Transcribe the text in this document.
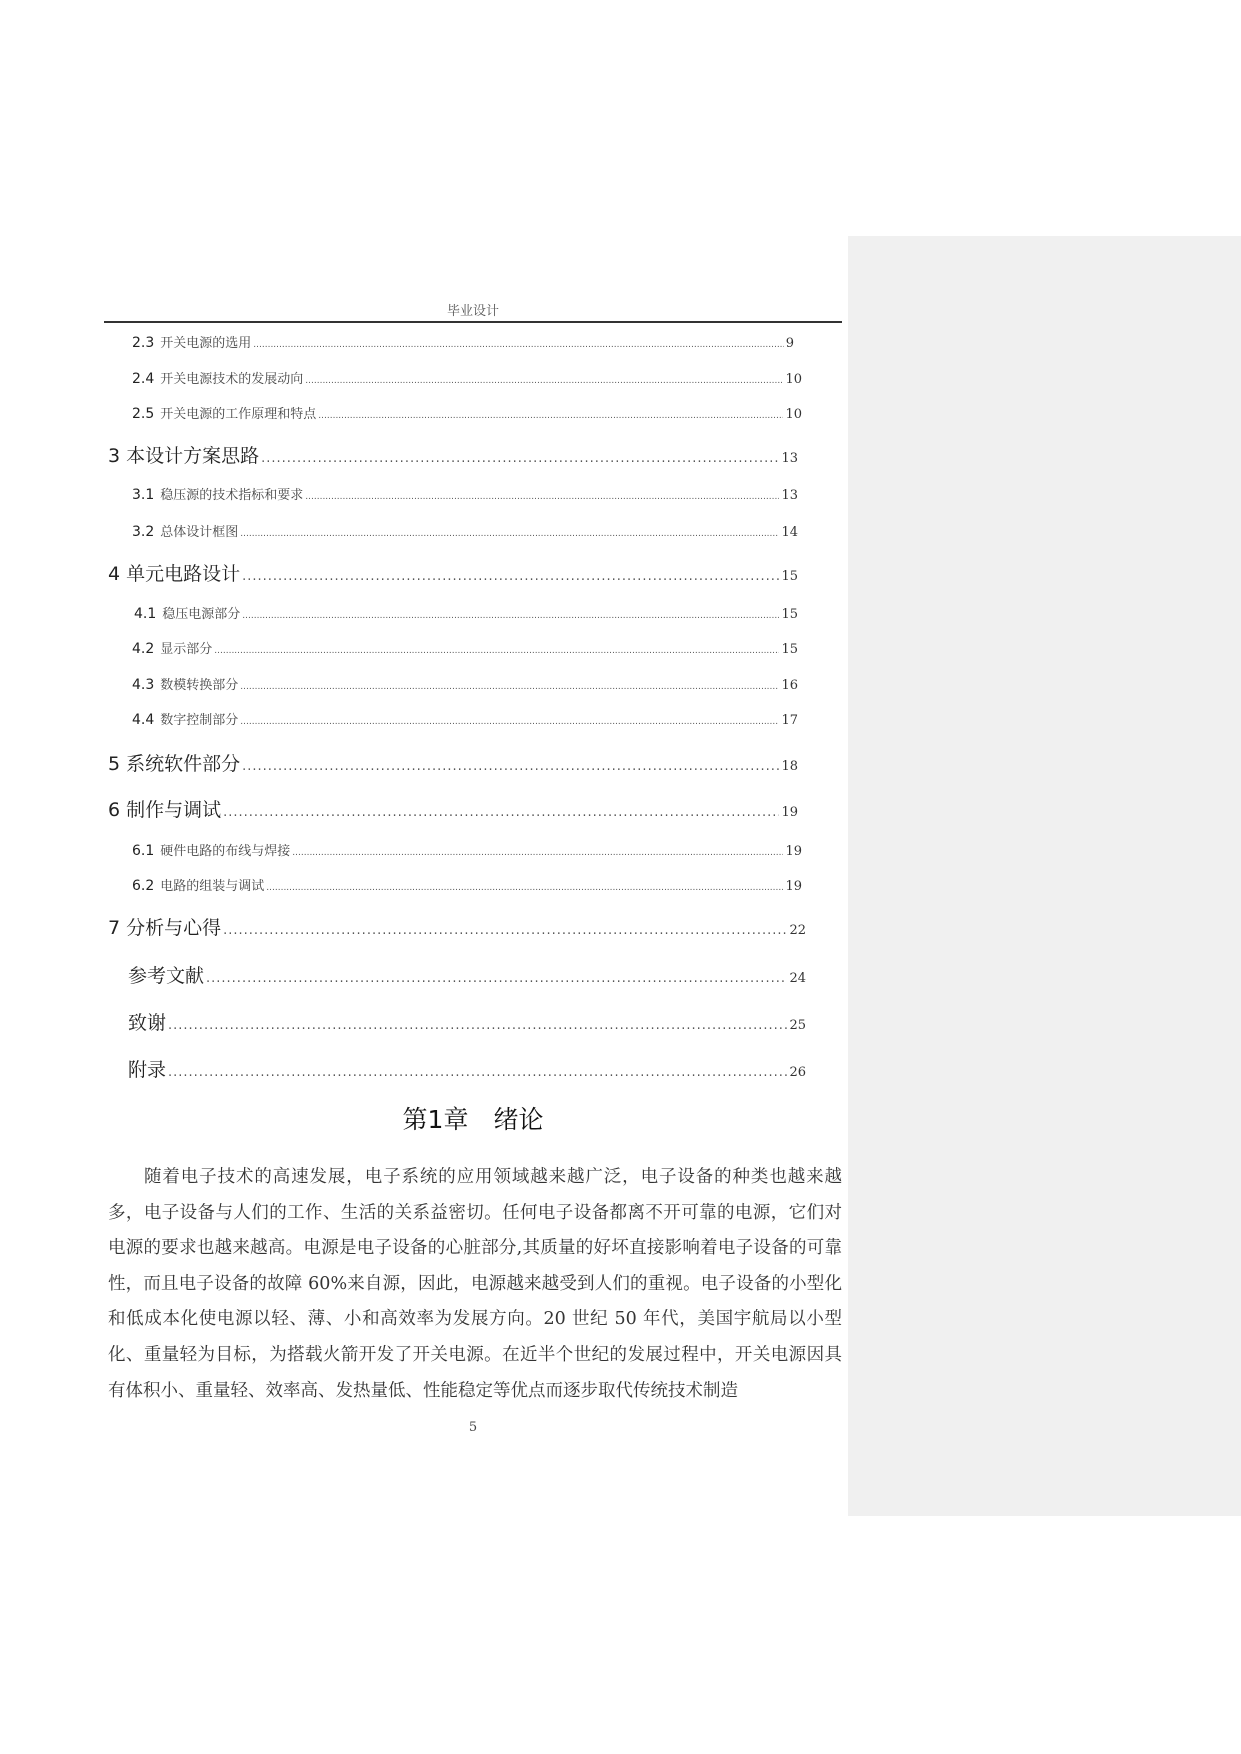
毕业设计
2.3 开关电源的选用 .....	9
2.4 开关电源技术的发展动向 .....	10
2.5 开关电源的工作原理和特点 .....	10
3 本设计方案思路 .....	13
3.1 稳压源的技术指标和要求 .....	13
3.2 总体设计框图 .....	14
4 单元电路设计 .....	15
4.1 稳压电源部分 .....	15
4.2 显示部分 .....	15
4.3 数模转换部分 .....	16
4.4 数字控制部分 .....	17
5 系统软件部分 .....	18
6 制作与调试 .....	19
6.1 硬件电路的布线与焊接 .....	19
6.2 电路的组装与调试 .....	19
7 分析与心得 .....	22
参考文献 .....	24
致谢 .....	25
附录 .....	26
第1章　绪论

随着电子技术的高速发展，电子系统的应用领域越来越广泛，电子设备的种类也越来越多，电子设备与人们的工作、生活的关系益密切。任何电子设备都离不开可靠的电源，它们对电源的要求也越来越高。电源是电子设备的心脏部分,其质量的好坏直接影响着电子设备的可靠性，而且电子设备的故障 60%来自源，因此，电源越来越受到人们的重视。电子设备的小型化和低成本化使电源以轻、薄、小和高效率为发展方向。20 世纪 50 年代，美国宇航局以小型化、重量轻为目标，为搭载火箭开发了开关电源。在近半个世纪的发展过程中，开关电源因具有体积小、重量轻、效率高、发热量低、性能稳定等优点而逐步取代传统技术制造

5
